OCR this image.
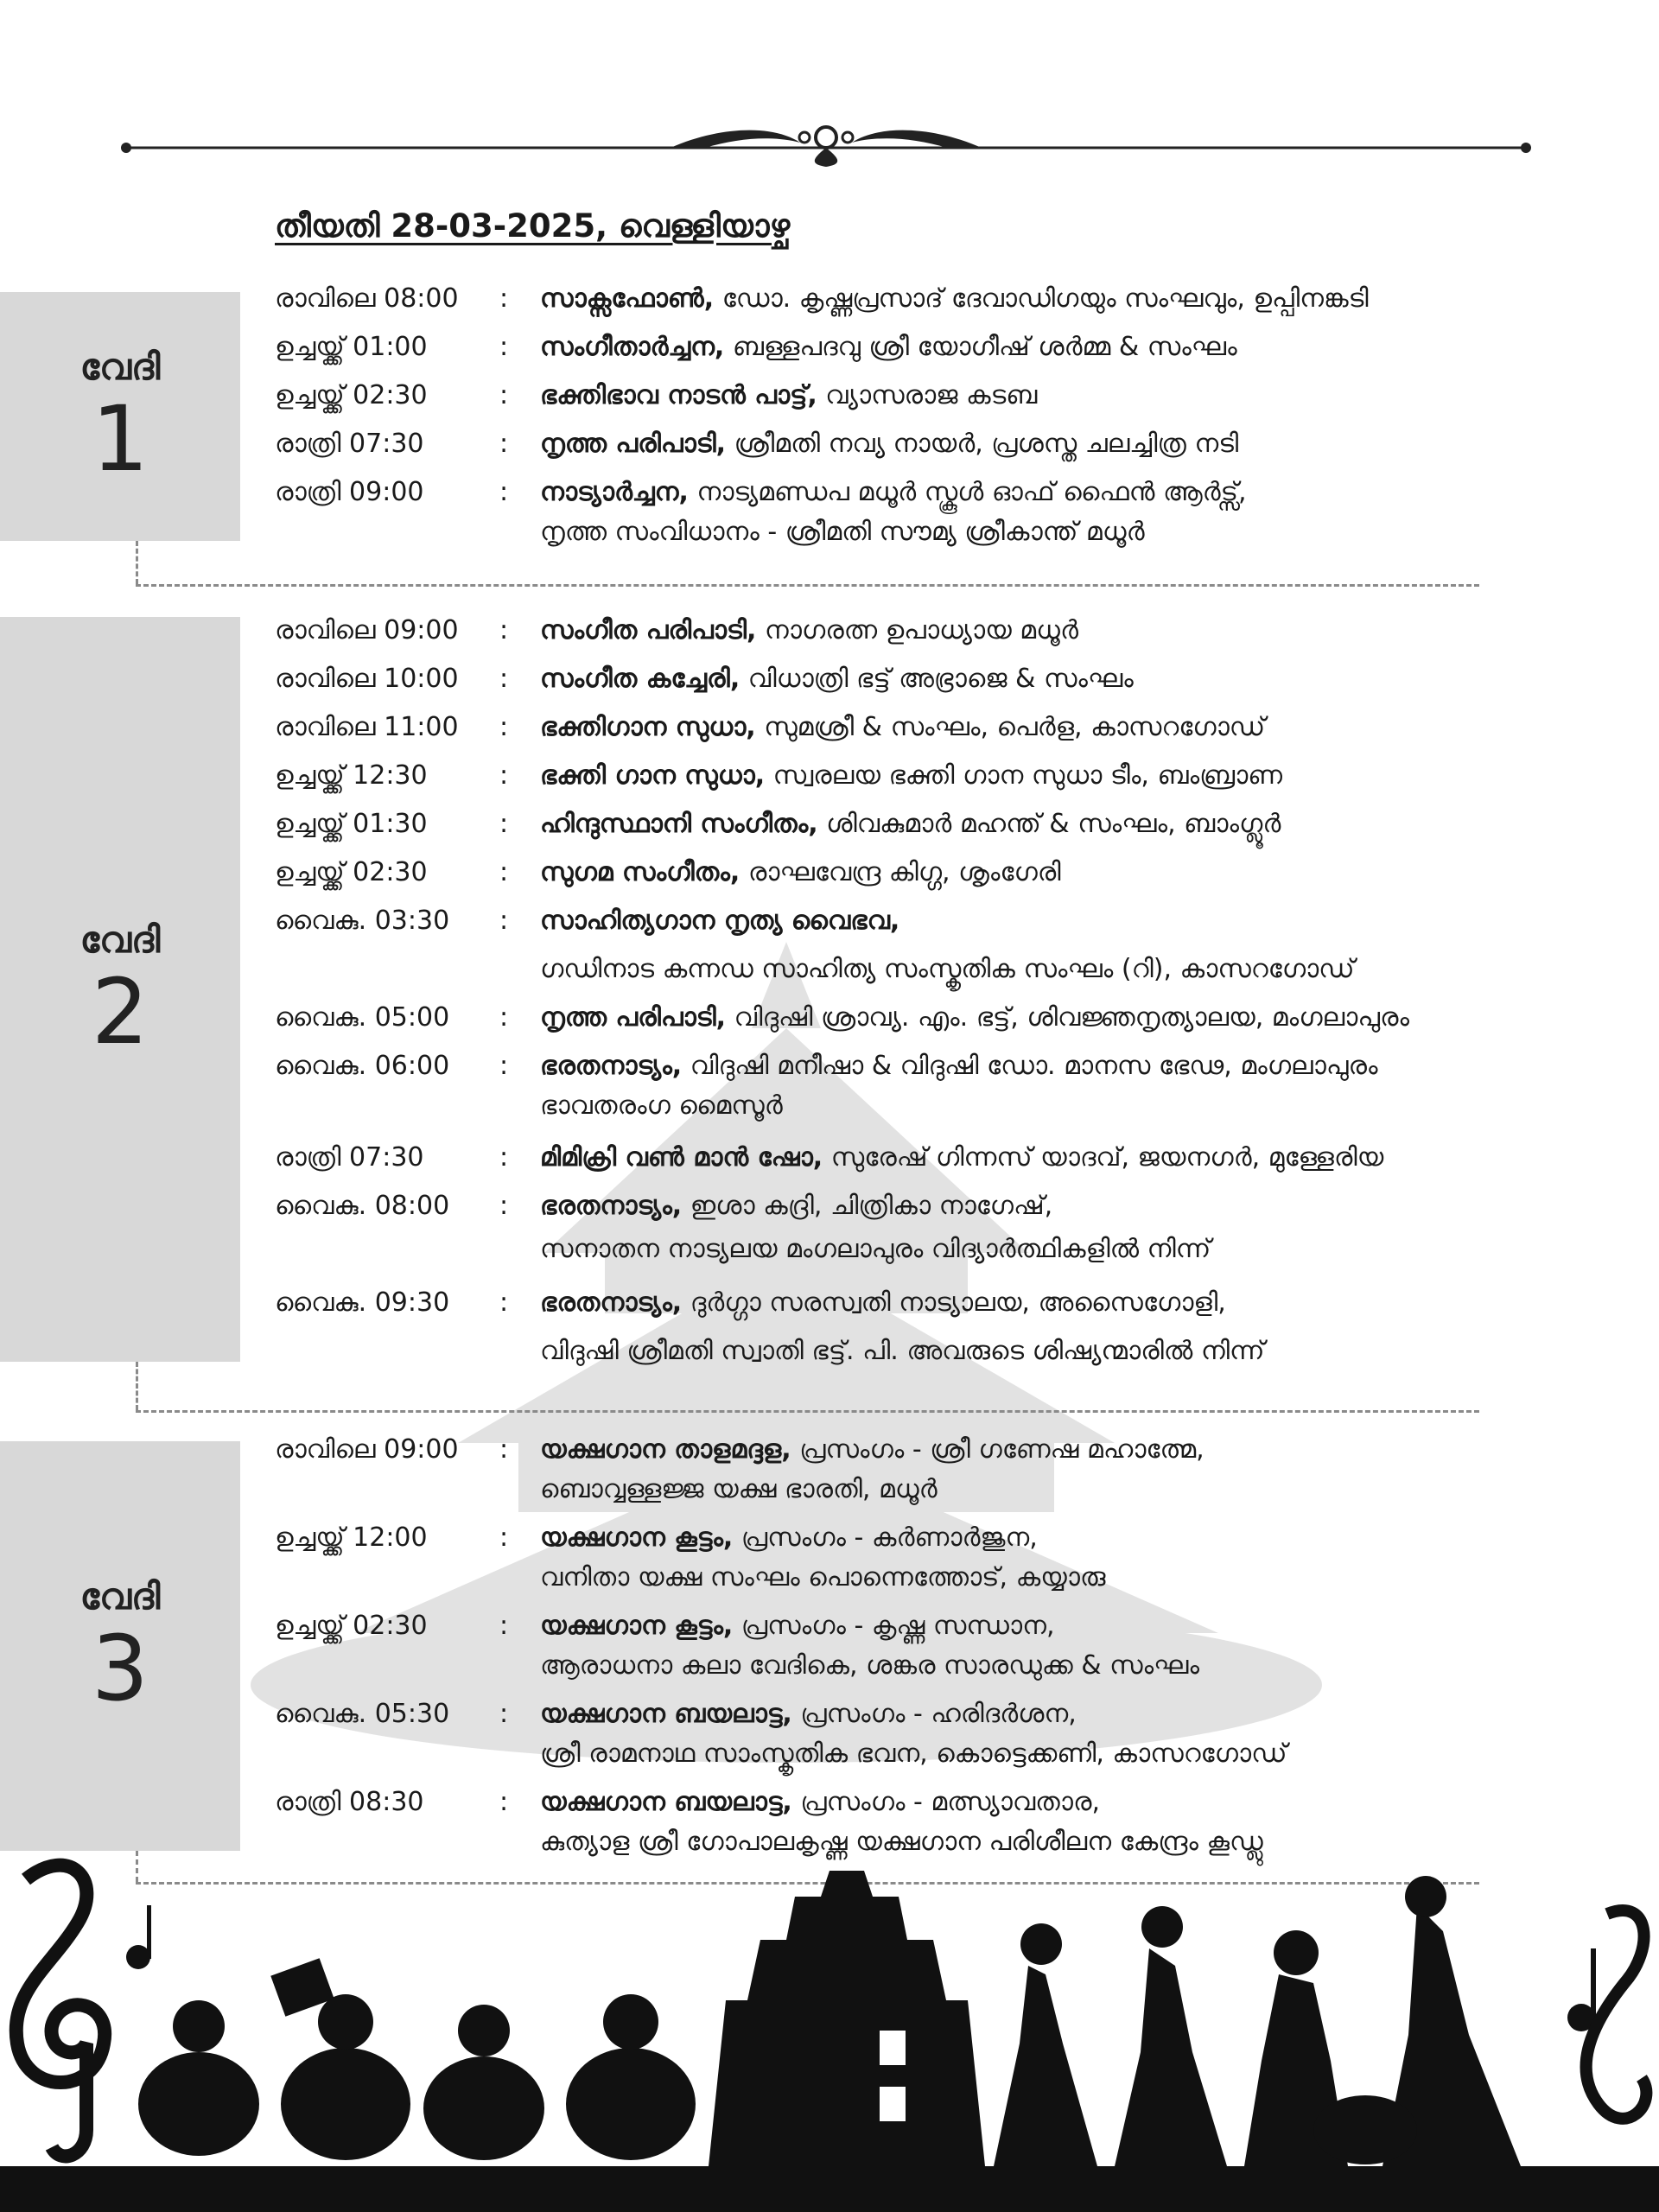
തീയതി 28-03-2025, വെള്ളിയാഴ്ച
വേദി
1
രാവിലെ 08:00	: സാക്സഫോൺ, ഡോ. കൃഷ്ണപ്രസാദ് ദേവാഡിഗയും സംഘവും, ഉപ്പിനങ്കടി
ഉച്ചയ്ക്ക് 01:00	: സംഗീതാർച്ചന, ബള്ളപദവു ശ്രീ യോഗീഷ് ശർമ്മ & സംഘം
ഉച്ചയ്ക്ക് 02:30	: ഭക്തിഭാവ നാടൻ പാട്ട്, വ്യാസരാജ കടബ
രാത്രി 07:30	: നൃത്ത പരിപാടി, ശ്രീമതി നവ്യ നായർ, പ്രശസ്ത ചലച്ചിത്ര നടി
രാത്രി 09:00	: നാട്യാർച്ചന, നാട്യമണ്ഡപ മധൂർ സ്കൂൾ ഓഫ് ഫൈൻ ആർട്സ്,
നൃത്ത സംവിധാനം - ശ്രീമതി സൗമ്യ ശ്രീകാന്ത് മധൂർ
വേദി
2
രാവിലെ 09:00	: സംഗീത പരിപാടി, നാഗരത്ന ഉപാധ്യായ മധൂർ
രാവിലെ 10:00	: സംഗീത കച്ചേരി, വിധാത്രി ഭട്ട് അഭ്രാജെ & സംഘം
രാവിലെ 11:00	: ഭക്തിഗാന സുധാ, സുമശ്രീ & സംഘം, പെർള, കാസറഗോഡ്
ഉച്ചയ്ക്ക് 12:30	: ഭക്തി ഗാന സുധാ, സ്വരലയ ഭക്തി ഗാന സുധാ ടീം, ബംബ്രാണ
ഉച്ചയ്ക്ക് 01:30	: ഹിന്ദുസ്ഥാനി സംഗീതം, ശിവകുമാർ മഹന്ത് & സംഘം, ബാംഗ്ലൂർ
ഉച്ചയ്ക്ക് 02:30	: സുഗമ സംഗീതം, രാഘവേന്ദ്ര കിഗ്ഗ, ശൃംഗേരി
വൈകു. 03:30	: സാഹിത്യഗാന നൃത്യ വൈഭവ,
ഗഡിനാട കന്നഡ സാഹിത്യ സംസ്കൃതിക സംഘം (റി), കാസറഗോഡ്
വൈകു. 05:00	: നൃത്ത പരിപാടി, വിദുഷി ശ്രാവ്യ. എം. ഭട്ട്, ശിവജ്ഞനൃത്യാലയ, മംഗലാപുരം
വൈകു. 06:00	: ഭരതനാട്യം, വിദുഷി മനീഷാ & വിദുഷി ഡോ. മാനസ ഭേഢ, മംഗലാപുരം
ഭാവതരംഗ മൈസൂർ
രാത്രി 07:30	: മിമിക്രി വൺ മാൻ ഷോ, സുരേഷ് ഗിന്നസ് യാദവ്, ജയനഗർ, മുള്ളേരിയ
വൈകു. 08:00	: ഭരതനാട്യം, ഇശാ കദ്രി, ചിത്രികാ നാഗേഷ്,
സനാതന നാട്യലയ മംഗലാപുരം വിദ്യാർത്ഥികളിൽ നിന്ന്
വൈകു. 09:30	: ഭരതനാട്യം, ദുർഗ്ഗാ സരസ്വതി നാട്യാലയ, അസൈഗോളി,
വിദുഷി ശ്രീമതി സ്വാതി ഭട്ട്. പി. അവരുടെ ശിഷ്യന്മാരിൽ നിന്ന്
വേദി
3
രാവിലെ 09:00	: യക്ഷഗാന താളമദ്ദള, പ്രസംഗം - ശ്രീ ഗണേഷ മഹാത്മേ,
ബൊവ്വള്ളജ്ജ യക്ഷ ഭാരതി, മധൂർ
ഉച്ചയ്ക്ക് 12:00	: യക്ഷഗാന കൂട്ടം, പ്രസംഗം - കർണാർജുന,
വനിതാ യക്ഷ സംഘം പൊന്നെത്തോട്, കയ്യാരു
ഉച്ചയ്ക്ക് 02:30	: യക്ഷഗാന കൂട്ടം, പ്രസംഗം - കൃഷ്ണ സന്ധാന,
ആരാധനാ കലാ വേദികെ, ശങ്കര സാരഡുക്ക & സംഘം
വൈകു. 05:30	: യക്ഷഗാന ബയലാട്ട, പ്രസംഗം - ഹരിദർശന,
ശ്രീ രാമനാഥ സാംസ്കൃതിക ഭവന, കൊട്ടെക്കണി, കാസറഗോഡ്
രാത്രി 08:30	: യക്ഷഗാന ബയലാട്ട, പ്രസംഗം - മത്സ്യാവതാര,
കുത്യാള ശ്രീ ഗോപാലകൃഷ്ണ യക്ഷഗാന പരിശീലന കേന്ദ്രം കൂഡ്ലു
